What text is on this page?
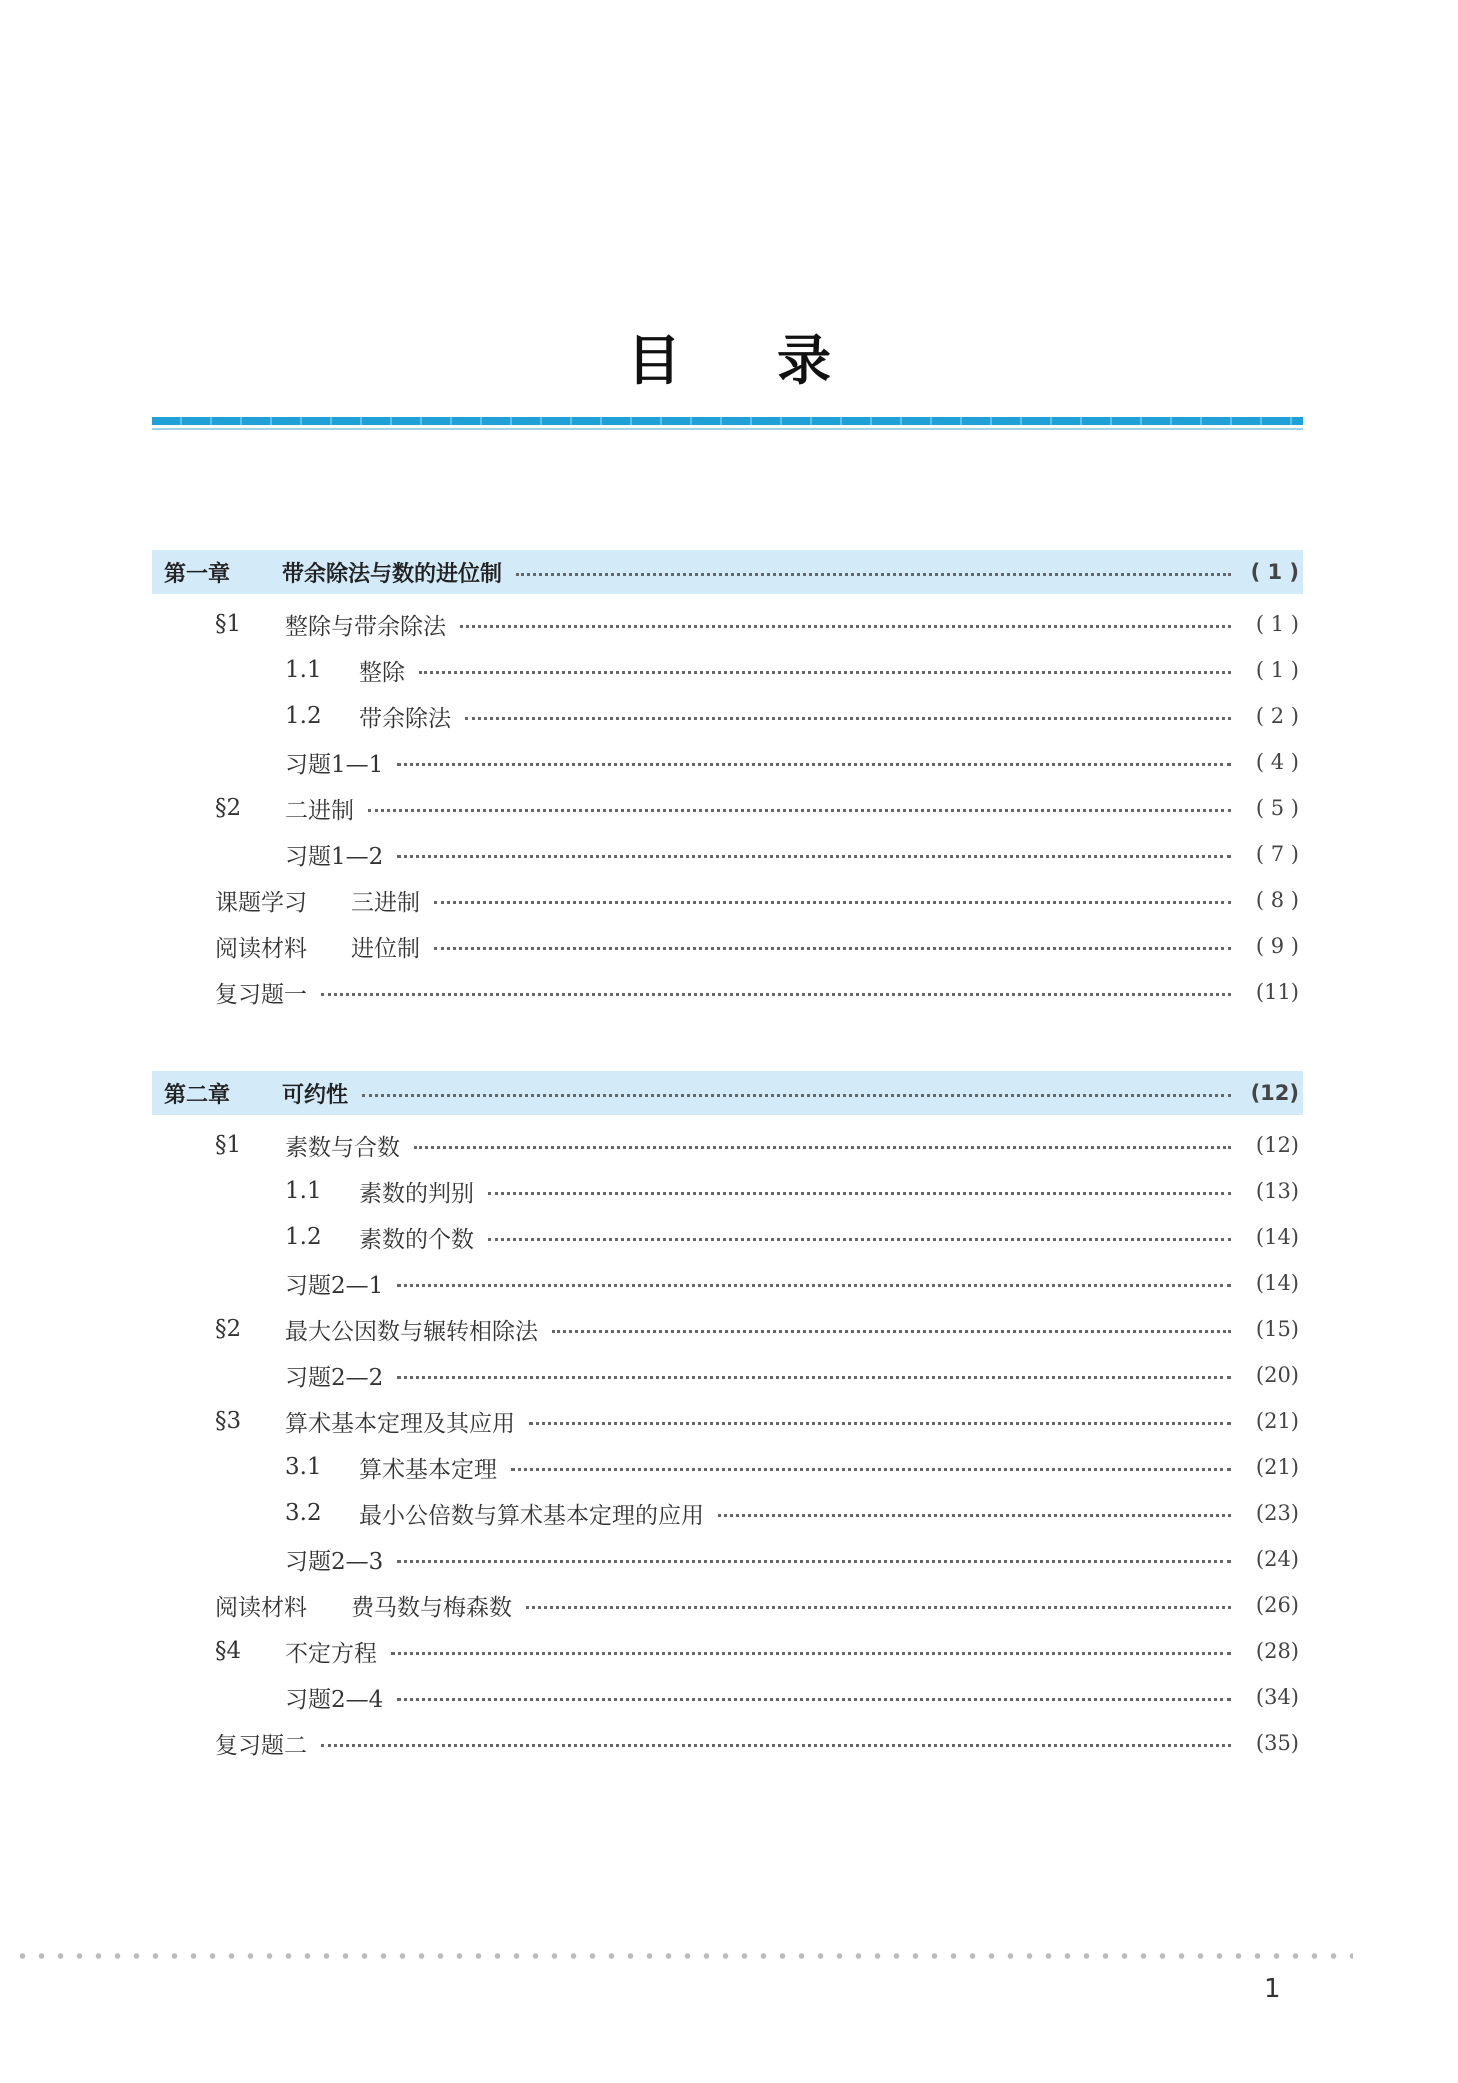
目 录
第一章	带余除法与数的进位制	( 1 )
§1	整除与带余除法	( 1 )
1.1	整除	( 1 )
1.2	带余除法	( 2 )
习题1—1	( 4 )
§2	二进制	( 5 )
习题1—2	( 7 )
课题学习	三进制	( 8 )
阅读材料	进位制	( 9 )
复习题一	(11)
第二章	可约性	(12)
§1	素数与合数	(12)
1.1	素数的判别	(13)
1.2	素数的个数	(14)
习题2—1	(14)
§2	最大公因数与辗转相除法	(15)
习题2—2	(20)
§3	算术基本定理及其应用	(21)
3.1	算术基本定理	(21)
3.2	最小公倍数与算术基本定理的应用	(23)
习题2—3	(24)
阅读材料	费马数与梅森数	(26)
§4	不定方程	(28)
习题2—4	(34)
复习题二	(35)
1
